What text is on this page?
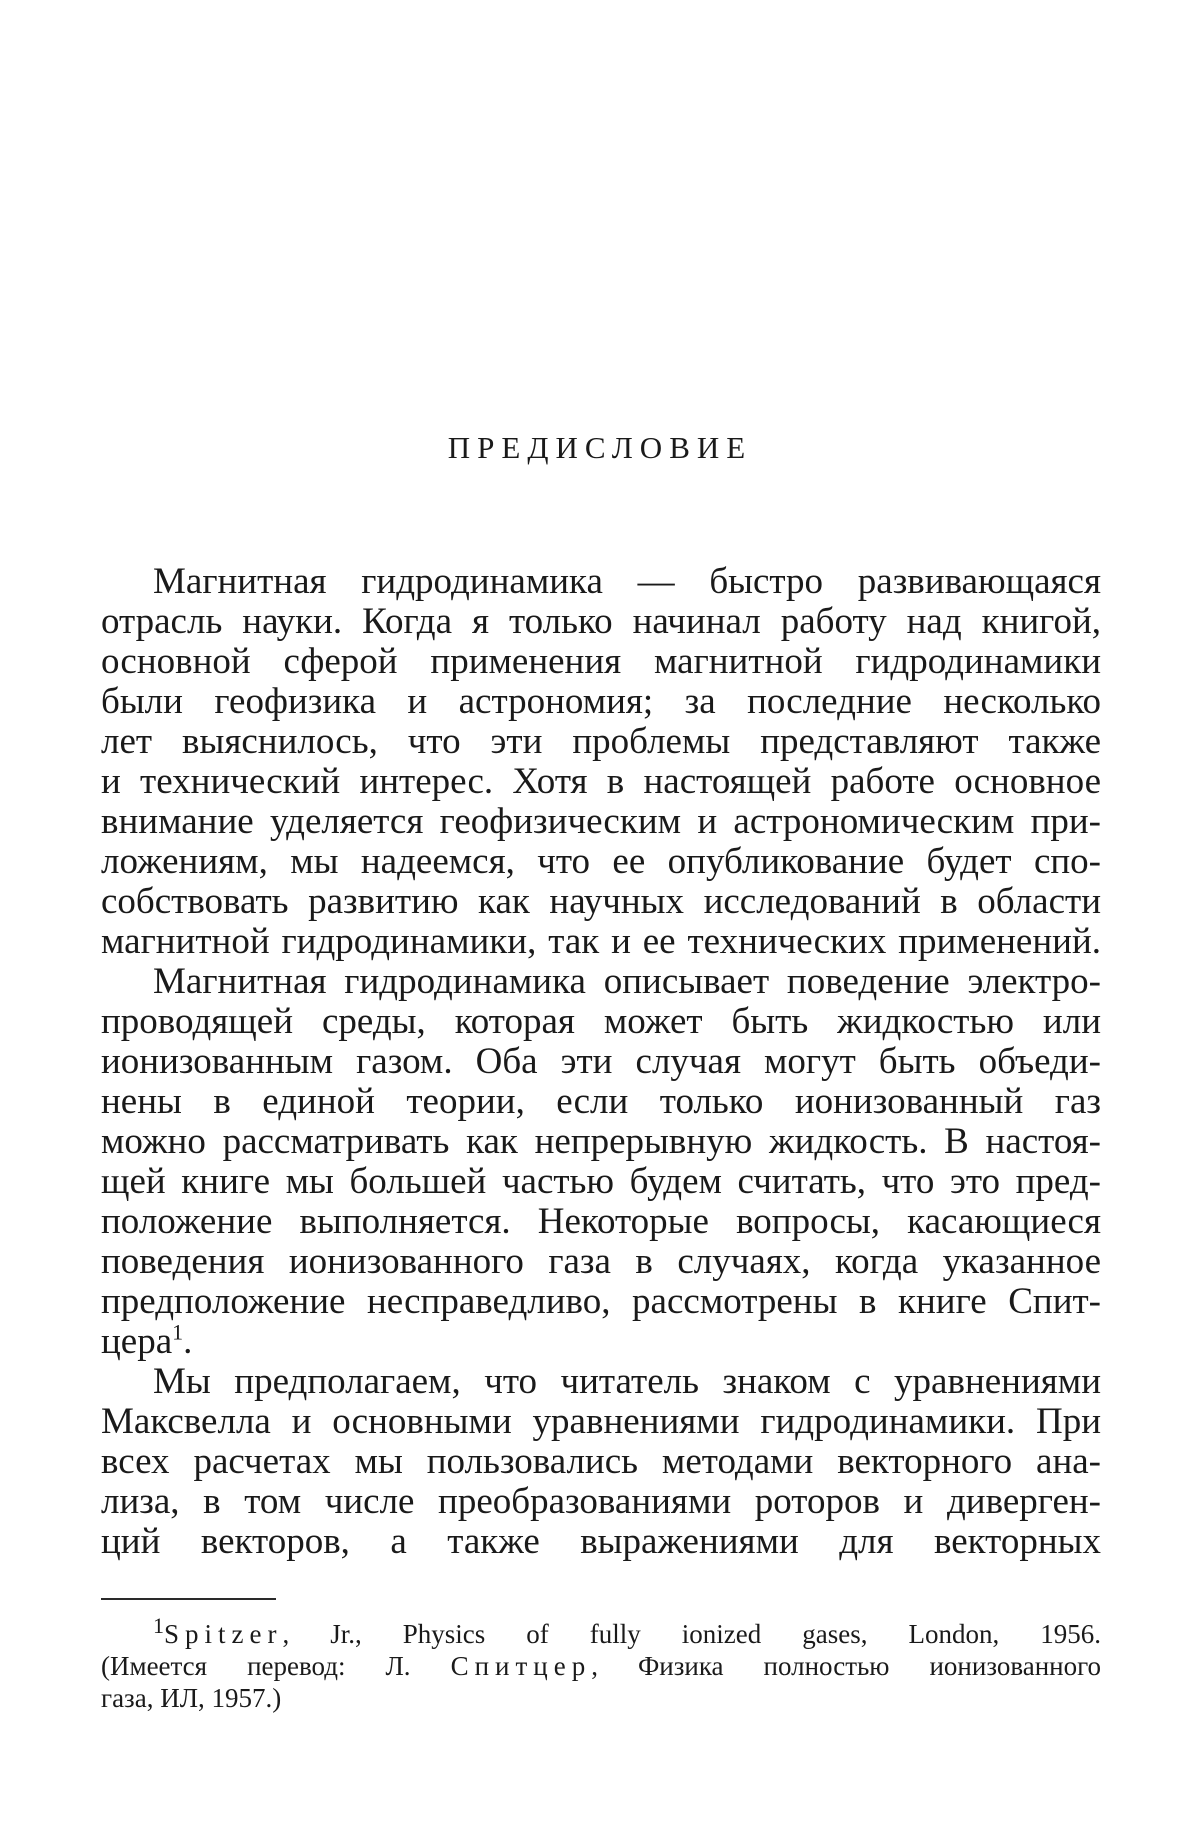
ПРЕДИСЛОВИЕ

Магнитная гидродинамика — быстро развивающаяся
отрасль науки. Когда я только начинал работу над книгой,
основной сферой применения магнитной гидродинамики
были геофизика и астрономия; за последние несколько
лет выяснилось, что эти проблемы представляют также
и технический интерес. Хотя в настоящей работе основное
внимание уделяется геофизическим и астрономическим при-
ложениям, мы надеемся, что ее опубликование будет спо-
собствовать развитию как научных исследований в области
магнитной гидродинамики, так и ее технических применений.

Магнитная гидродинамика описывает поведение электро-
проводящей среды, которая может быть жидкостью или
ионизованным газом. Оба эти случая могут быть объеди-
нены в единой теории, если только ионизованный газ
можно рассматривать как непрерывную жидкость. В настоя-
щей книге мы большей частью будем считать, что это пред-
положение выполняется. Некоторые вопросы, касающиеся
поведения ионизованного газа в случаях, когда указанное
предположение несправедливо, рассмотрены в книге Спит-
цера$^1$.

Мы предполагаем, что читатель знаком с уравнениями
Максвелла и основными уравнениями гидродинамики. При
всех расчетах мы пользовались методами векторного ана-
лиза, в том числе преобразованиями роторов и диверген-
ций векторов, а также выражениями для векторных

$^1$Spitzer, Jr., Physics of fully ionized gases, London, 1956.
(Имеется перевод: Л. Спитцер, Физика полностью ионизованного
газа, ИЛ, 1957.)
